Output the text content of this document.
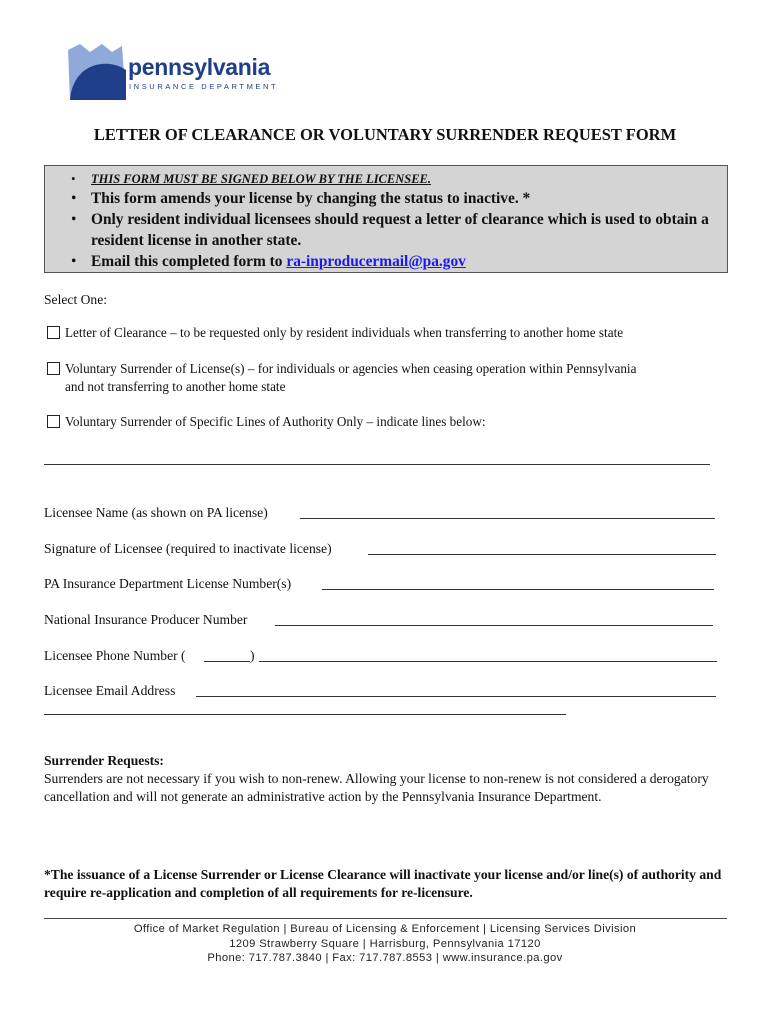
pennsylvania
INSURANCE DEPARTMENT
LETTER OF CLEARANCE OR VOLUNTARY SURRENDER REQUEST FORM
• THIS FORM MUST BE SIGNED BELOW BY THE LICENSEE.
• This form amends your license by changing the status to inactive. *
• Only resident individual licensees should request a letter of clearance which is used to obtain a resident license in another state.
• Email this completed form to ra-inproducermail@pa.gov
Select One:
Letter of Clearance – to be requested only by resident individuals when transferring to another home state
Voluntary Surrender of License(s) – for individuals or agencies when ceasing operation within Pennsylvania
and not transferring to another home state
Voluntary Surrender of Specific Lines of Authority Only – indicate lines below:
Licensee Name (as shown on PA license)
Signature of Licensee (required to inactivate license)
PA Insurance Department License Number(s)
National Insurance Producer Number
Licensee Phone Number (	)
Licensee Email Address
Surrender Requests:
Surrenders are not necessary if you wish to non-renew. Allowing your license to non-renew is not considered a derogatory cancellation and will not generate an administrative action by the Pennsylvania Insurance Department.
*The issuance of a License Surrender or License Clearance will inactivate your license and/or line(s) of authority and require re-application and completion of all requirements for re-licensure.
Office of Market Regulation | Bureau of Licensing & Enforcement | Licensing Services Division
1209 Strawberry Square | Harrisburg, Pennsylvania 17120
Phone: 717.787.3840 | Fax: 717.787.8553 | www.insurance.pa.gov
